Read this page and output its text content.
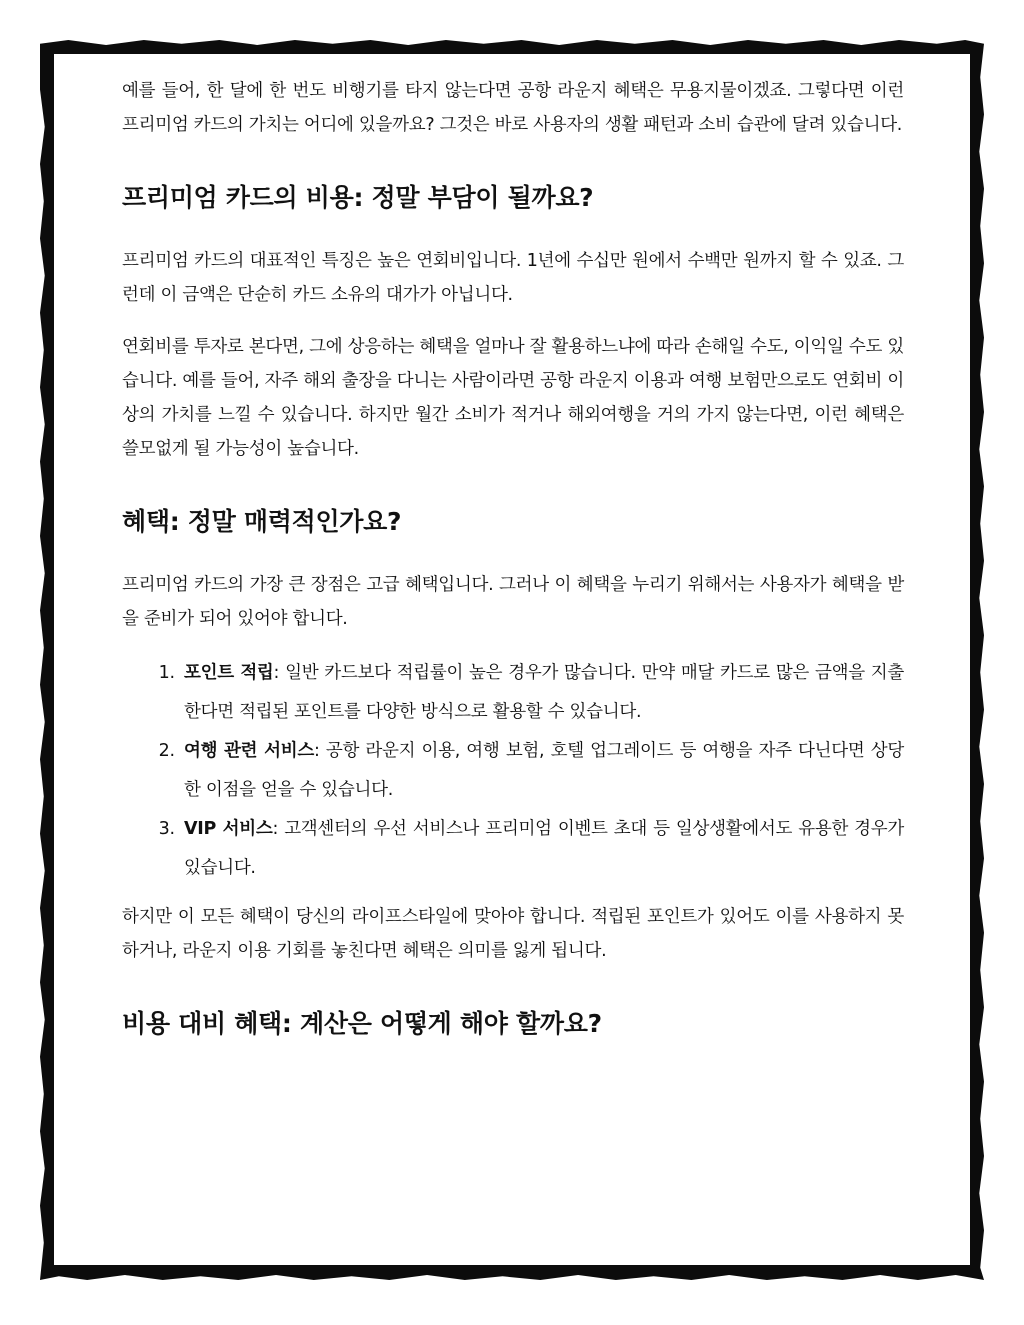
예를 들어, 한 달에 한 번도 비행기를 타지 않는다면 공항 라운지 혜택은 무용지물이겠죠. 그렇다면 이런 프리미엄 카드의 가치는 어디에 있을까요? 그것은 바로 사용자의 생활 패턴과 소비 습관에 달려 있습니다.

프리미엄 카드의 비용: 정말 부담이 될까요?

프리미엄 카드의 대표적인 특징은 높은 연회비입니다. 1년에 수십만 원에서 수백만 원까지 할 수 있죠. 그런데 이 금액은 단순히 카드 소유의 대가가 아닙니다.

연회비를 투자로 본다면, 그에 상응하는 혜택을 얼마나 잘 활용하느냐에 따라 손해일 수도, 이익일 수도 있습니다. 예를 들어, 자주 해외 출장을 다니는 사람이라면 공항 라운지 이용과 여행 보험만으로도 연회비 이상의 가치를 느낄 수 있습니다. 하지만 월간 소비가 적거나 해외여행을 거의 가지 않는다면, 이런 혜택은 쓸모없게 될 가능성이 높습니다.

혜택: 정말 매력적인가요?

프리미엄 카드의 가장 큰 장점은 고급 혜택입니다. 그러나 이 혜택을 누리기 위해서는 사용자가 혜택을 받을 준비가 되어 있어야 합니다.

1. 포인트 적립: 일반 카드보다 적립률이 높은 경우가 많습니다. 만약 매달 카드로 많은 금액을 지출한다면 적립된 포인트를 다양한 방식으로 활용할 수 있습니다.
2. 여행 관련 서비스: 공항 라운지 이용, 여행 보험, 호텔 업그레이드 등 여행을 자주 다닌다면 상당한 이점을 얻을 수 있습니다.
3. VIP 서비스: 고객센터의 우선 서비스나 프리미엄 이벤트 초대 등 일상생활에서도 유용한 경우가 있습니다.

하지만 이 모든 혜택이 당신의 라이프스타일에 맞아야 합니다. 적립된 포인트가 있어도 이를 사용하지 못하거나, 라운지 이용 기회를 놓친다면 혜택은 의미를 잃게 됩니다.

비용 대비 혜택: 계산은 어떻게 해야 할까요?
